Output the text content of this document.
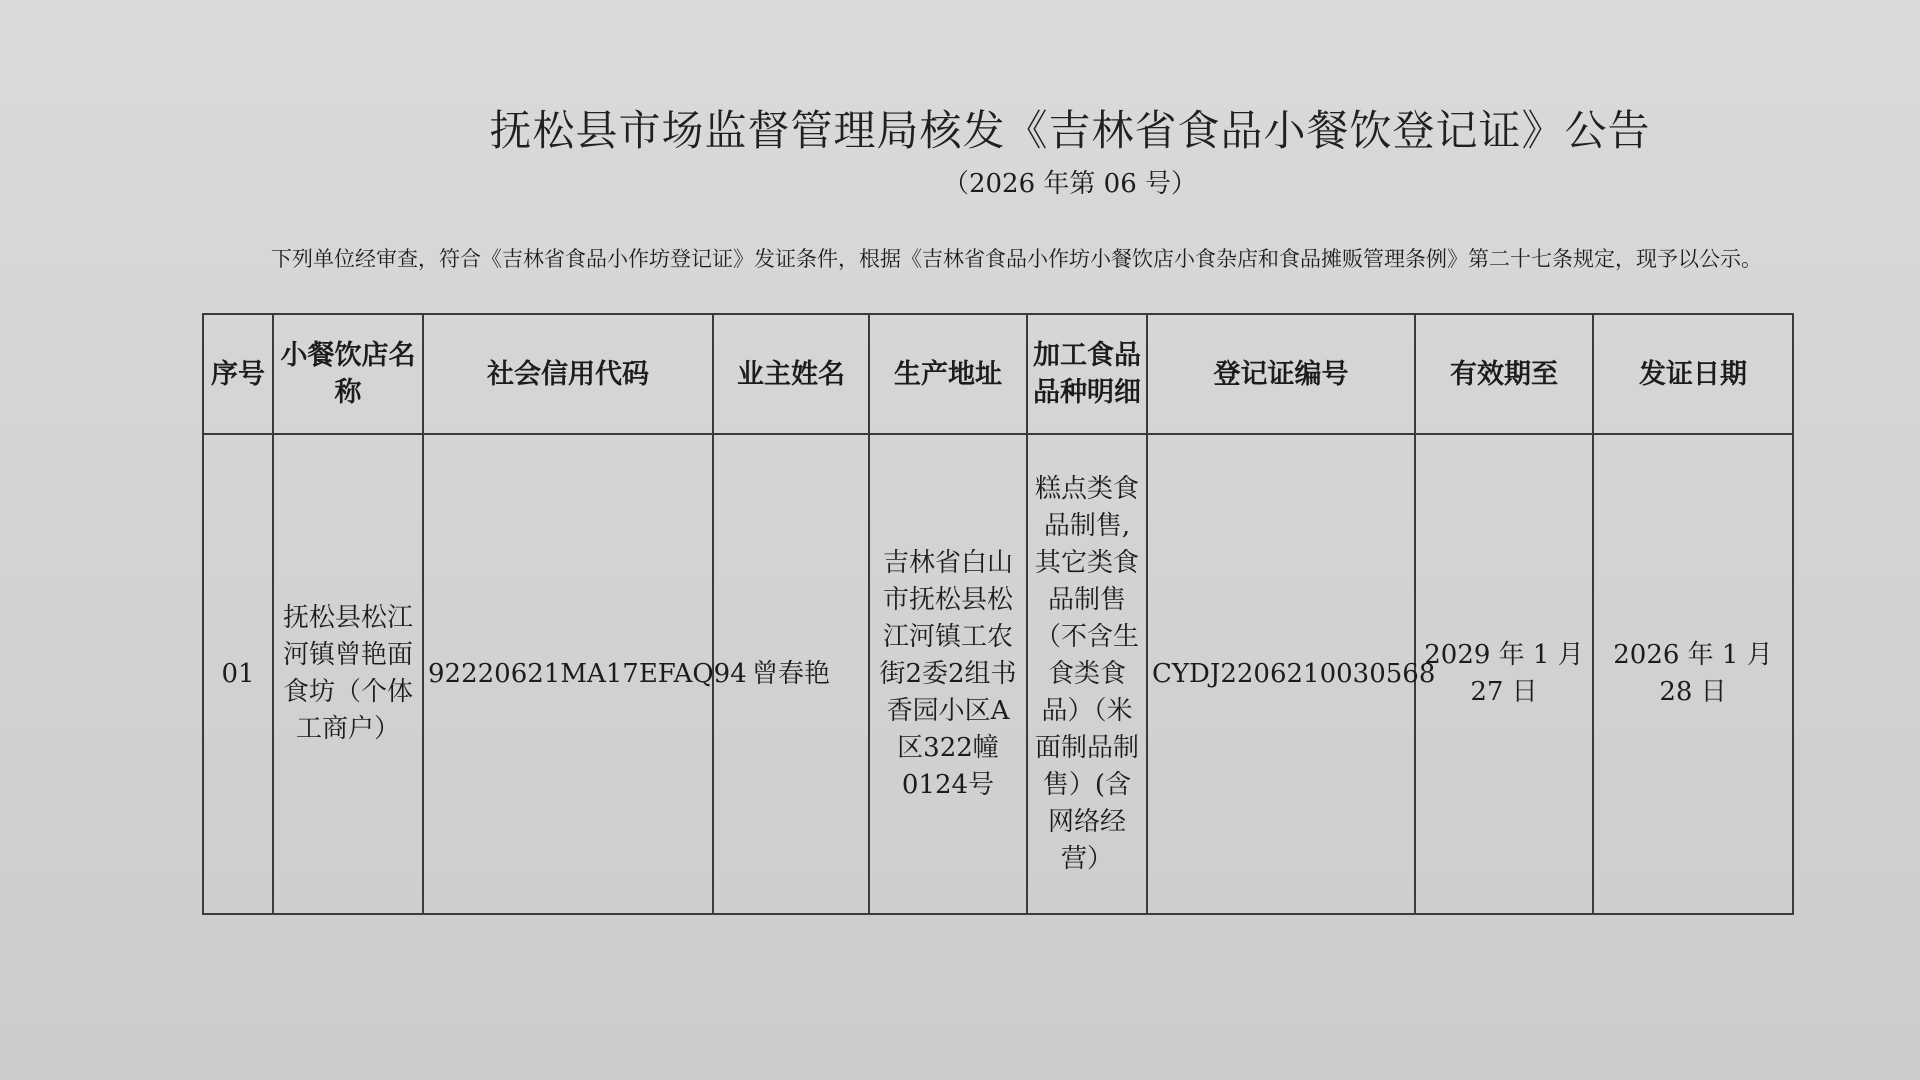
抚松县市场监督管理局核发《吉林省食品小餐饮登记证》公告
（2026 年第 06 号）
下列单位经审查，符合《吉林省食品小作坊登记证》发证条件，根据《吉林省食品小作坊小餐饮店小食杂店和食品摊贩管理条例》第二十七条规定，现予以公示。
序号	小餐饮店名称	社会信用代码	业主姓名	生产地址	加工食品品种明细	登记证编号	有效期至	发证日期
01	抚松县松江河镇曾艳面食坊（个体工商户）	92220621MA17EFAQ94	曾春艳	吉林省白山市抚松县松江河镇工农街2委2组书香园小区A区322幢0124号	糕点类食品制售,其它类食品制售（不含生食类食品）（米面制品制售）(含网络经营）	CYDJ2206210030568	2029 年 1 月 27 日	2026 年 1 月 28 日
